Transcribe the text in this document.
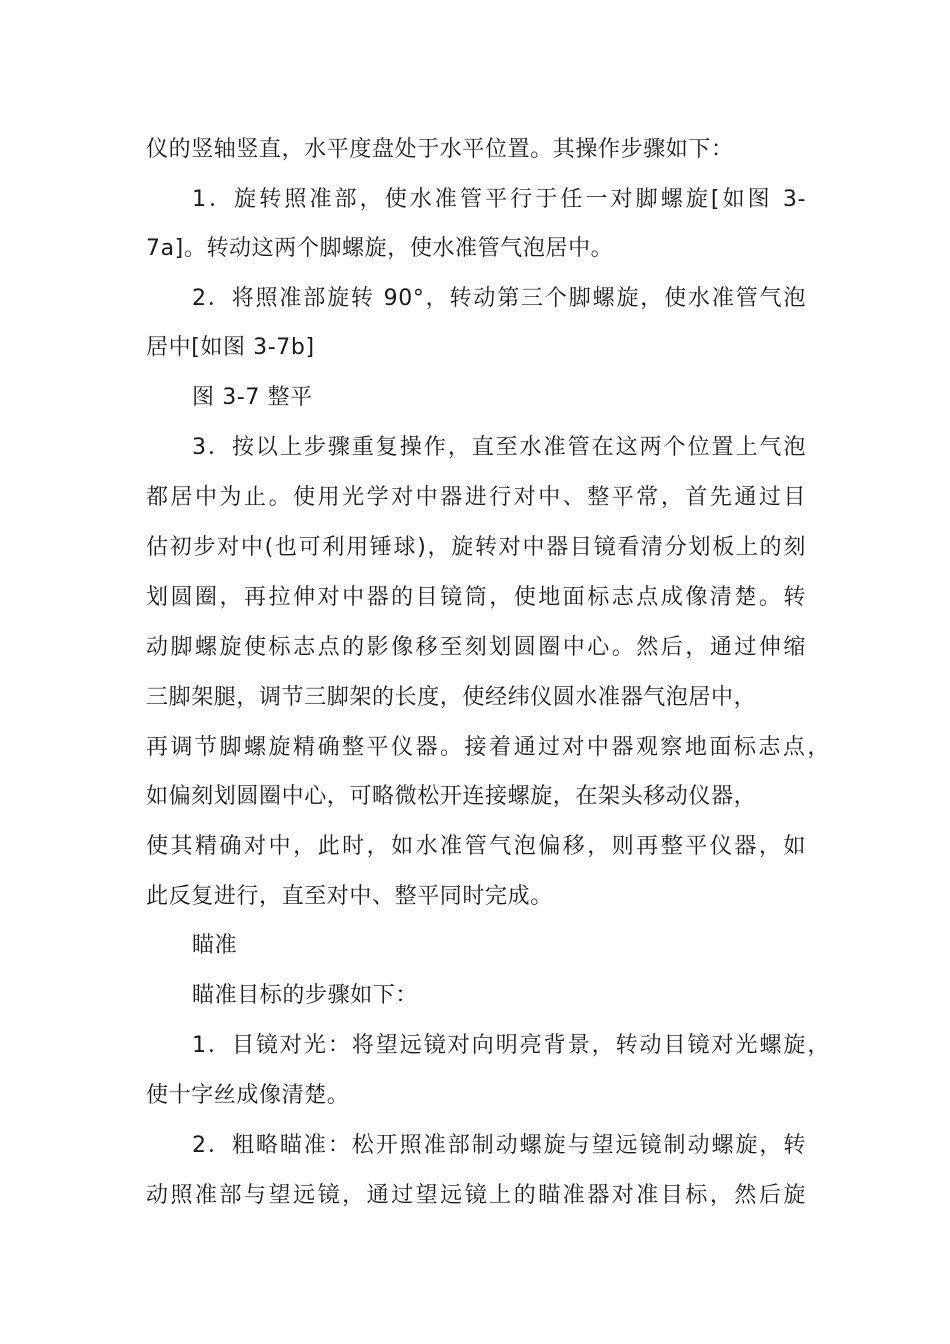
仪的竖轴竖直，水平度盘处于水平位置。其操作步骤如下：
1．旋转照准部，使水准管平行于任一对脚螺旋[如图 3-
7a]。转动这两个脚螺旋，使水准管气泡居中。
2．将照准部旋转 90°，转动第三个脚螺旋，使水准管气泡
居中[如图 3-7b]
图 3-7 整平
3．按以上步骤重复操作，直至水准管在这两个位置上气泡
都居中为止。使用光学对中器进行对中、整平常，首先通过目
估初步对中(也可利用锤球)，旋转对中器目镜看清分划板上的刻
划圆圈，再拉伸对中器的目镜筒，使地面标志点成像清楚。转
动脚螺旋使标志点的影像移至刻划圆圈中心。然后，通过伸缩
三脚架腿，调节三脚架的长度，使经纬仪圆水准器气泡居中，
再调节脚螺旋精确整平仪器。接着通过对中器观察地面标志点，
如偏刻划圆圈中心，可略微松开连接螺旋，在架头移动仪器，
使其精确对中，此时，如水准管气泡偏移，则再整平仪器，如
此反复进行，直至对中、整平同时完成。
瞄准
瞄准目标的步骤如下：
1．目镜对光：将望远镜对向明亮背景，转动目镜对光螺旋，
使十字丝成像清楚。
2．粗略瞄准：松开照准部制动螺旋与望远镜制动螺旋，转
动照准部与望远镜，通过望远镜上的瞄准器对准目标，然后旋
